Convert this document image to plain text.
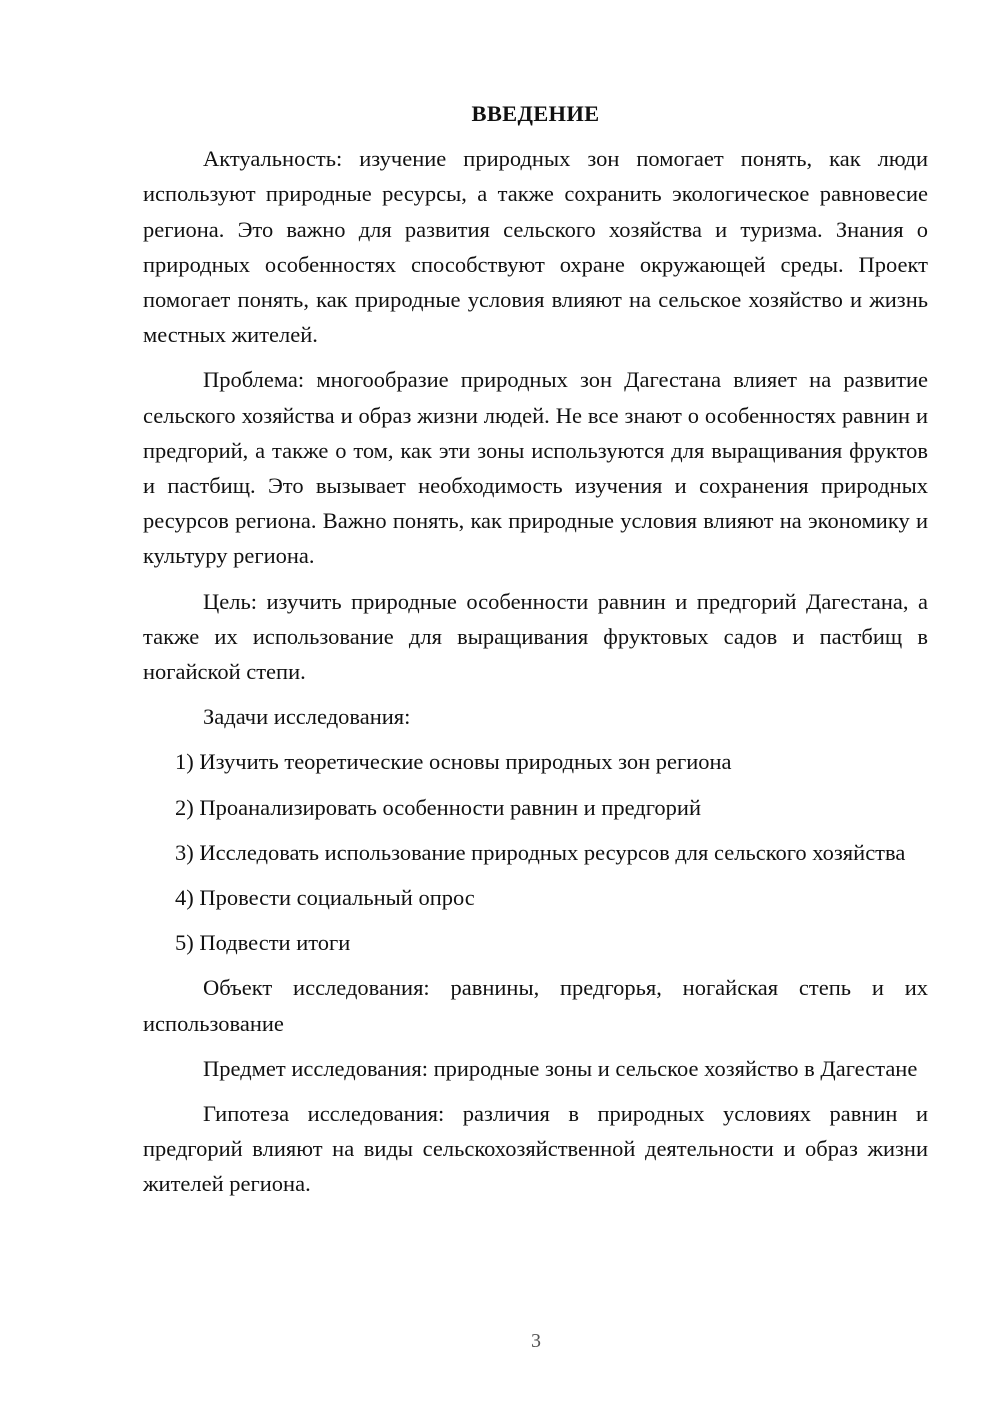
ВВЕДЕНИЕ

Актуальность: изучение природных зон помогает понять, как люди используют природные ресурсы, а также сохранить экологическое равновесие региона. Это важно для развития сельского хозяйства и туризма. Знания о природных особенностях способствуют охране окружающей среды. Проект помогает понять, как природные условия влияют на сельское хозяйство и жизнь местных жителей.

Проблема: многообразие природных зон Дагестана влияет на развитие сельского хозяйства и образ жизни людей. Не все знают о особенностях равнин и предгорий, а также о том, как эти зоны используются для выращивания фруктов и пастбищ. Это вызывает необходимость изучения и сохранения природных ресурсов региона. Важно понять, как природные условия влияют на экономику и культуру региона.

Цель: изучить природные особенности равнин и предгорий Дагестана, а также их использование для выращивания фруктовых садов и пастбищ в ногайской степи.

Задачи исследования:

1) Изучить теоретические основы природных зон региона

2) Проанализировать особенности равнин и предгорий

3) Исследовать использование природных ресурсов для сельского хозяйства

4) Провести социальный опрос

5) Подвести итоги

Объект исследования: равнины, предгорья, ногайская степь и их использование

Предмет исследования: природные зоны и сельское хозяйство в Дагестане

Гипотеза исследования: различия в природных условиях равнин и предгорий влияют на виды сельскохозяйственной деятельности и образ жизни жителей региона.

3
